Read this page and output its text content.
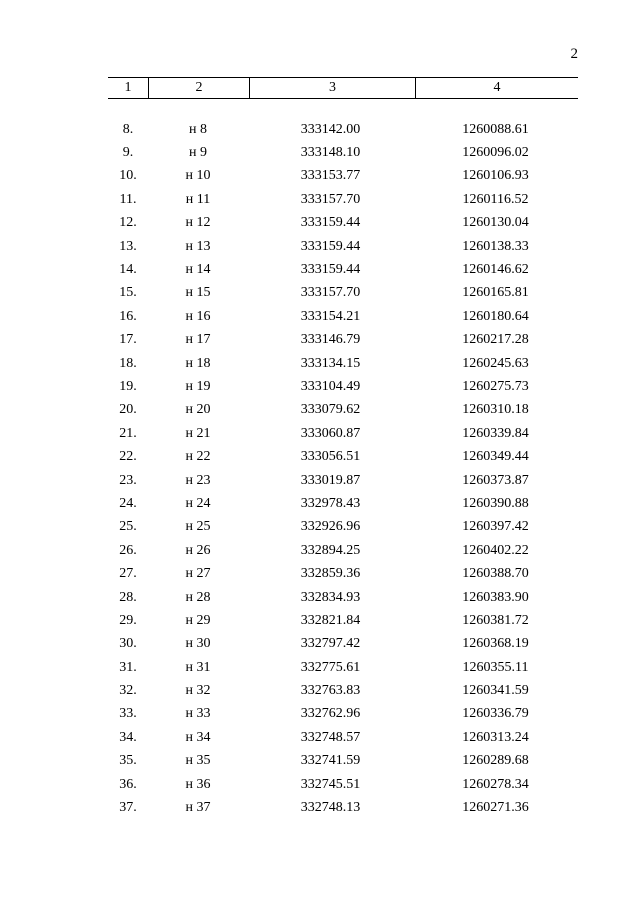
2
1	2	3	4
8.	н 8	333142.00	1260088.61
9.	н 9	333148.10	1260096.02
10.	н 10	333153.77	1260106.93
11.	н 11	333157.70	1260116.52
12.	н 12	333159.44	1260130.04
13.	н 13	333159.44	1260138.33
14.	н 14	333159.44	1260146.62
15.	н 15	333157.70	1260165.81
16.	н 16	333154.21	1260180.64
17.	н 17	333146.79	1260217.28
18.	н 18	333134.15	1260245.63
19.	н 19	333104.49	1260275.73
20.	н 20	333079.62	1260310.18
21.	н 21	333060.87	1260339.84
22.	н 22	333056.51	1260349.44
23.	н 23	333019.87	1260373.87
24.	н 24	332978.43	1260390.88
25.	н 25	332926.96	1260397.42
26.	н 26	332894.25	1260402.22
27.	н 27	332859.36	1260388.70
28.	н 28	332834.93	1260383.90
29.	н 29	332821.84	1260381.72
30.	н 30	332797.42	1260368.19
31.	н 31	332775.61	1260355.11
32.	н 32	332763.83	1260341.59
33.	н 33	332762.96	1260336.79
34.	н 34	332748.57	1260313.24
35.	н 35	332741.59	1260289.68
36.	н 36	332745.51	1260278.34
37.	н 37	332748.13	1260271.36
